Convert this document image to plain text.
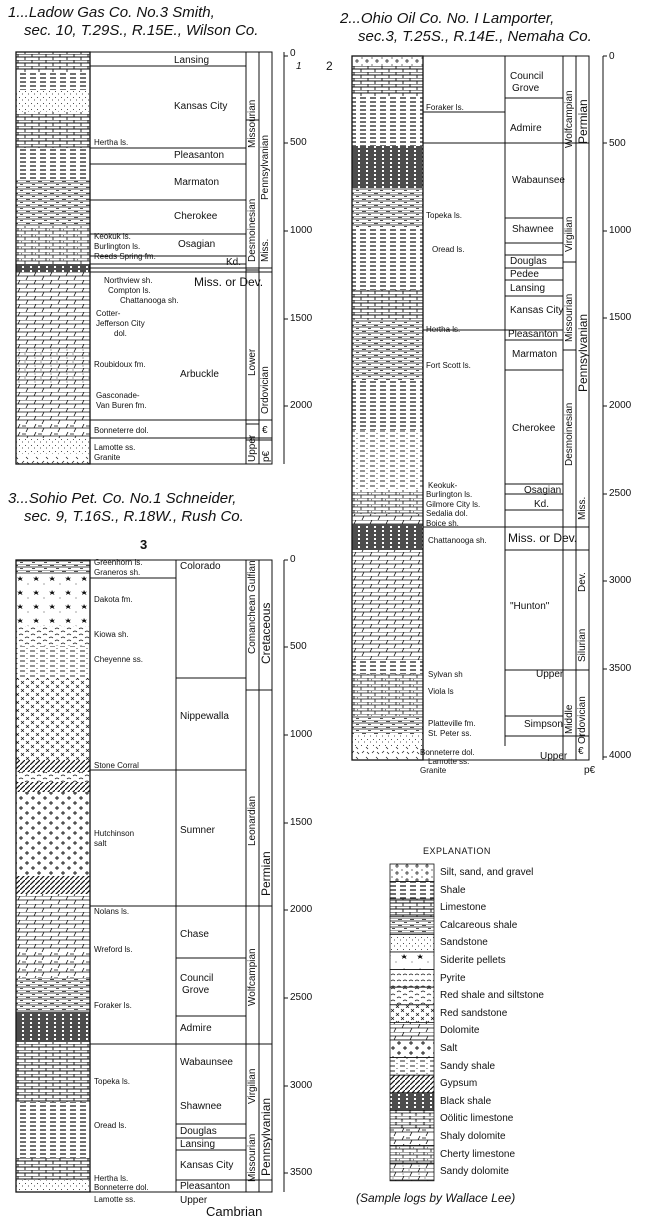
1...Ladow Gas Co. No.3 Smith,
sec. 10, T.29S., R.15E., Wilson Co.
1
0
500
1000
1500
2000
Hertha ls.
Keokuk ls.
Burlington ls.
Reeds Spring fm.
Northview sh.
Compton ls.
Chattanooga sh.
Cotter-
Jefferson City
dol.
Roubidoux fm.
Gasconade-
Van Buren fm.
Bonneterre dol.
Lamotte ss.
Granite
Lansing
Kansas City
Pleasanton
Marmaton
Cherokee
Osagian
Kd.
Miss. or Dev.
Arbuckle
Missourian
Desmoinesian
Pennsylvanian
Miss.
Lower
Ordovician
Upper
€
p€
2...Ohio Oil Co. No. I Lamporter,
sec.3, T.25S., R.14E., Nemaha Co.
2
0
500
1000
1500
2000
2500
3000
3500
4000
Foraker ls.
Topeka ls.
Oread ls.
Hertha ls.
Fort Scott ls.
Keokuk-
Burlington ls.
Gilmore City ls.
Sedalia dol.
Boice sh.
Chattanooga sh.
Sylvan sh
Viola ls
Platteville fm.
St. Peter ss.
Bonneterre dol.
Lamotte ss.
Granite
Council
Grove
Admire
Wabaunsee
Shawnee
Douglas
Pedee
Lansing
Kansas City
Pleasanton
Marmaton
Cherokee
Osagian
Kd.
Miss. or Dev.
"Hunton"
Upper
Simpson
Upper €
p€
Wolfcampian Permian
Virgilian
Missourian
Desmoinesian
Pennsylvanian
Miss.
Dev.
Silurian
Middle Ordovician
3...Sohio Pet. Co. No.1 Schneider,
sec. 9, T.16S., R.18W., Rush Co.
3
0
500
1000
1500
2000
2500
3000
3500
Greenhorn ls.
Graneros sh.
Dakota fm.
Kiowa sh.
Cheyenne ss.
Stone Corral
Hutchinson
salt
Nolans ls.
Wreford ls.
Foraker ls.
Topeka ls.
Oread ls.
Hertha ls.
Bonneterre dol.
Lamotte ss.
Colorado
Nippewalla
Sumner
Chase
Council
Grove
Admire
Wabaunsee
Shawnee
Douglas
Lansing
Kansas City
Pleasanton
Upper
Cambrian
Comanchean
Gulfian
Cretaceous
Leonardian
Permian
Wolfcampian
Missourian
Virgilian
Pennsylvanian
EXPLANATION
Silt, sand, and gravel
Shale
Limestone
Calcareous shale
Sandstone
Siderite pellets
Pyrite
Red shale and siltstone
Red sandstone
Dolomite
Salt
Sandy shale
Gypsum
Black shale
Oölitic limestone
Shaly dolomite
Cherty limestone
Sandy dolomite
(Sample logs by Wallace Lee)
